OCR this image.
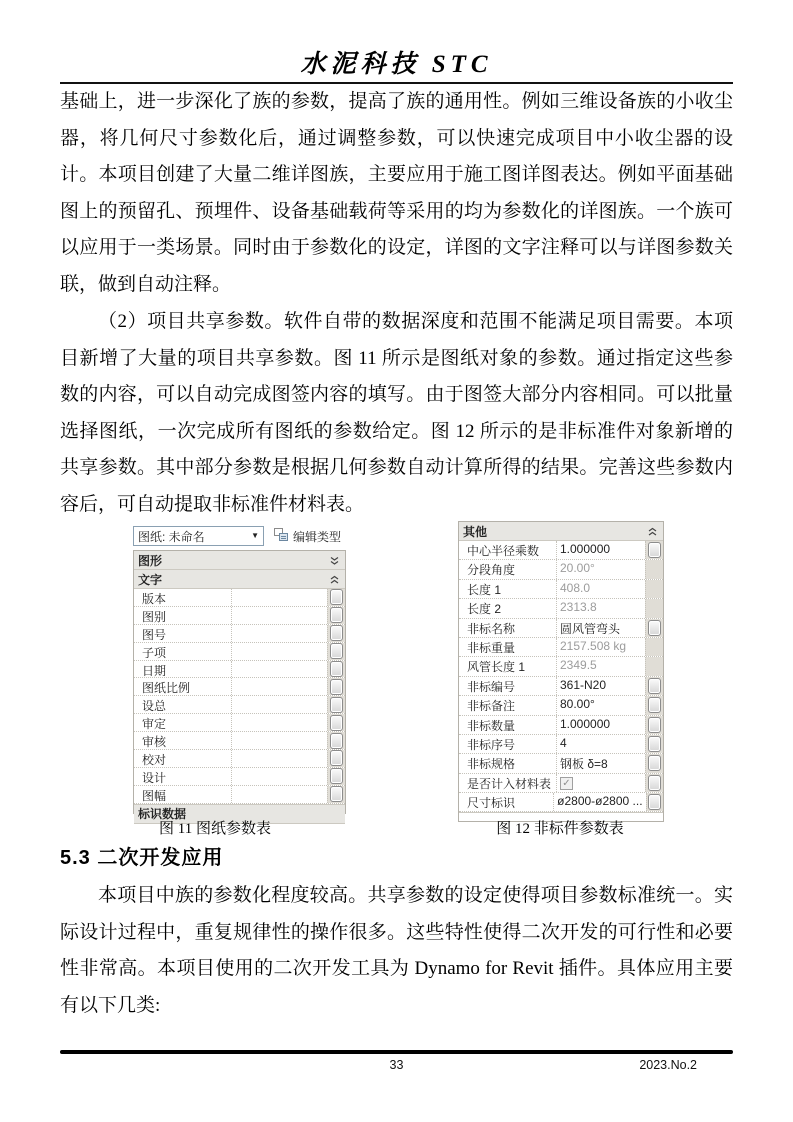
水泥科技 STC
基础上，进一步深化了族的参数，提高了族的通用性。例如三维设备族的小收尘器，将几何尺寸参数化后，通过调整参数，可以快速完成项目中小收尘器的设计。本项目创建了大量二维详图族，主要应用于施工图详图表达。例如平面基础图上的预留孔、预埋件、设备基础载荷等采用的均为参数化的详图族。一个族可以应用于一类场景。同时由于参数化的设定，详图的文字注释可以与详图参数关联，做到自动注释。
（2）项目共享参数。软件自带的数据深度和范围不能满足项目需要。本项目新增了大量的项目共享参数。图 11 所示是图纸对象的参数。通过指定这些参数的内容，可以自动完成图签内容的填写。由于图签大部分内容相同。可以批量选择图纸，一次完成所有图纸的参数给定。图 12 所示的是非标准件对象新增的共享参数。其中部分参数是根据几何参数自动计算所得的结果。完善这些参数内容后，可自动提取非标准件材料表。
图纸: 未命名	▼	编辑类型
图形
文字
版本
图别
图号
子项
日期
图纸比例
设总
审定
审核
校对
设计
图幅
标识数据
其他
中心半径乘数	1.000000
分段角度	20.00°
长度 1	408.0
长度 2	2313.8
非标名称	圆风管弯头
非标重量	2157.508 kg
风管长度 1	2349.5
非标编号	361-N20
非标备注	80.00°
非标数量	1.000000
非标序号	4
非标规格	钢板 δ=8
是否计入材料表	✓
尺寸标识	ø2800-ø2800 ...
图 11 图纸参数表	图 12 非标件参数表
5.3 二次开发应用
本项目中族的参数化程度较高。共享参数的设定使得项目参数标准统一。实际设计过程中，重复规律性的操作很多。这些特性使得二次开发的可行性和必要性非常高。本项目使用的二次开发工具为 Dynamo for Revit 插件。具体应用主要有以下几类:
33	2023.No.2
